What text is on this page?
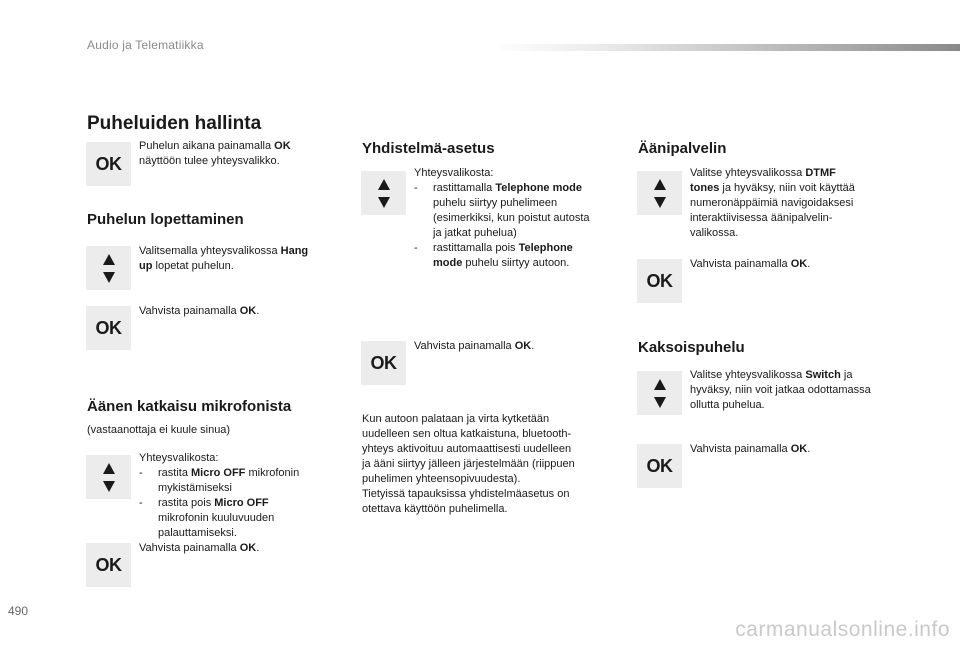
Audio ja Telematiikka
Puheluiden hallinta
OK
Puhelun aikana painamalla OK
näyttöön tulee yhteysvalikko.
Puhelun lopettaminen
Valitsemalla yhteysvalikossa Hang
up lopetat puhelun.
OK
Vahvista painamalla OK.
Äänen katkaisu mikrofonista
(vastaanottaja ei kuule sinua)
Yhteysvalikosta:
-	rastita Micro OFF mikrofonin
mykistämiseksi
-	rastita pois Micro OFF
mikrofonin kuuluvuuden
palauttamiseksi.
OK
Vahvista painamalla OK.
Yhdistelmä-asetus
Yhteysvalikosta:
-	rastittamalla Telephone mode
puhelu siirtyy puhelimeen
(esimerkiksi, kun poistut autosta
ja jatkat puhelua)
-	rastittamalla pois Telephone
mode puhelu siirtyy autoon.
OK
Vahvista painamalla OK.
Kun autoon palataan ja virta kytketään
uudelleen sen oltua katkaistuna, bluetooth-
yhteys aktivoituu automaattisesti uudelleen
ja ääni siirtyy jälleen järjestelmään (riippuen
puhelimen yhteensopivuudesta).
Tietyissä tapauksissa yhdistelmäasetus on
otettava käyttöön puhelimella.
Äänipalvelin
Valitse yhteysvalikossa DTMF
tones ja hyväksy, niin voit käyttää
numeronäppäimiä navigoidaksesi
interaktiivisessa äänipalvelin-
valikossa.
OK
Vahvista painamalla OK.
Kaksoispuhelu
Valitse yhteysvalikossa Switch ja
hyväksy, niin voit jatkaa odottamassa
ollutta puhelua.
OK
Vahvista painamalla OK.
490
carmanualsonline.info
